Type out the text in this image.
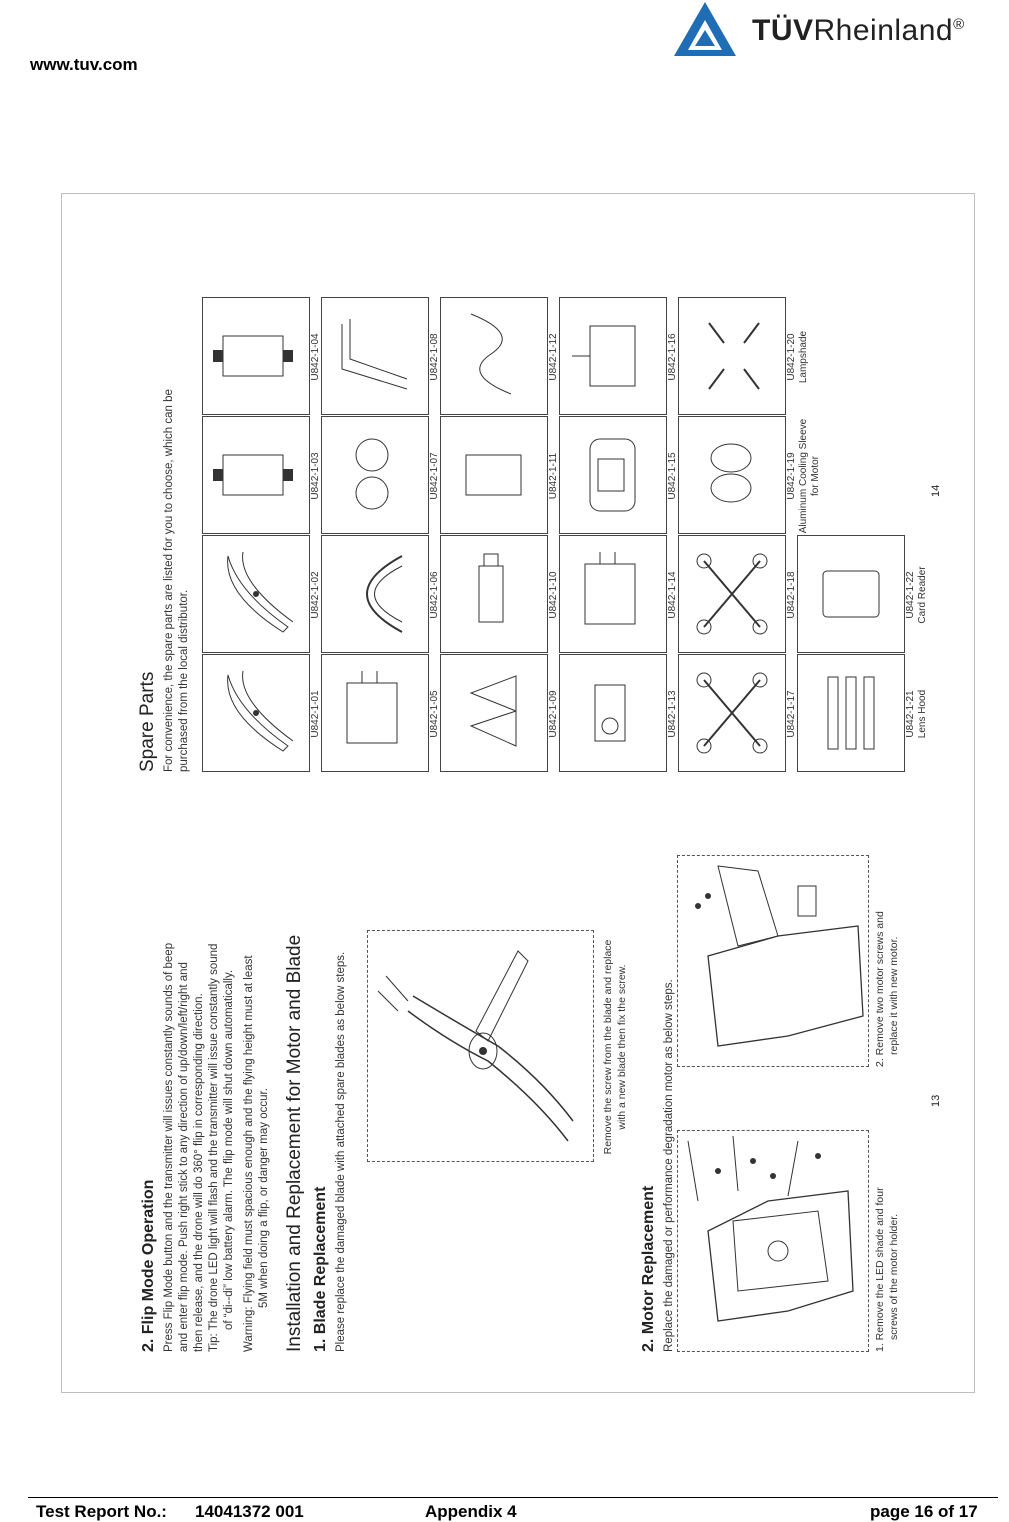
www.tuv.com
TÜVRheinland®
2. Flip Mode Operation Press Flip Mode button and the transmitter will issues constantly sounds of beep and enter flip mode. Push right stick to any direction of up/down/left/right and then release, and the drone will do 360° flip in corresponding direction. Tip: The drone LED light will flash and the transmitter will issue constantly sound of “di--di” low battery alarm. The flip mode will shut down automatically. Warning: Flying field must spacious enough and the flying height must at least 5M when doing a flip, or danger may occur. Installation and Replacement for Motor and Blade 1. Blade Replacement Please replace the damaged blade with attached spare blades as below steps.	Remove the screw from the blade and replace with a new blade then fix the screw.
2. Motor Replacement Replace the damaged or performance degradation motor as below steps.	1. Remove the LED shade and four screws of the motor holder.
2. Remove two motor screws and replace it with new motor.
13
Spare Parts For convenience, the spare parts are listed for you to choose, which can be purchased from the local distributor.	U842-1-01
U842-1-02
U842-1-03
U842-1-04
U842-1-05
U842-1-06
U842-1-07
U842-1-08
U842-1-09
U842-1-10
U842-1-11
U842-1-12
U842-1-13
U842-1-14
U842-1-15
U842-1-16
U842-1-17
U842-1-18
U842-1-19 Aluminum Cooling Sleeve for Motor
U842-1-20 Lampshade
U842-1-21 Lens Hood
U842-1-22 Card Reader
14
Test Report No.: 14041372 001	Appendix 4	page 16 of 17
